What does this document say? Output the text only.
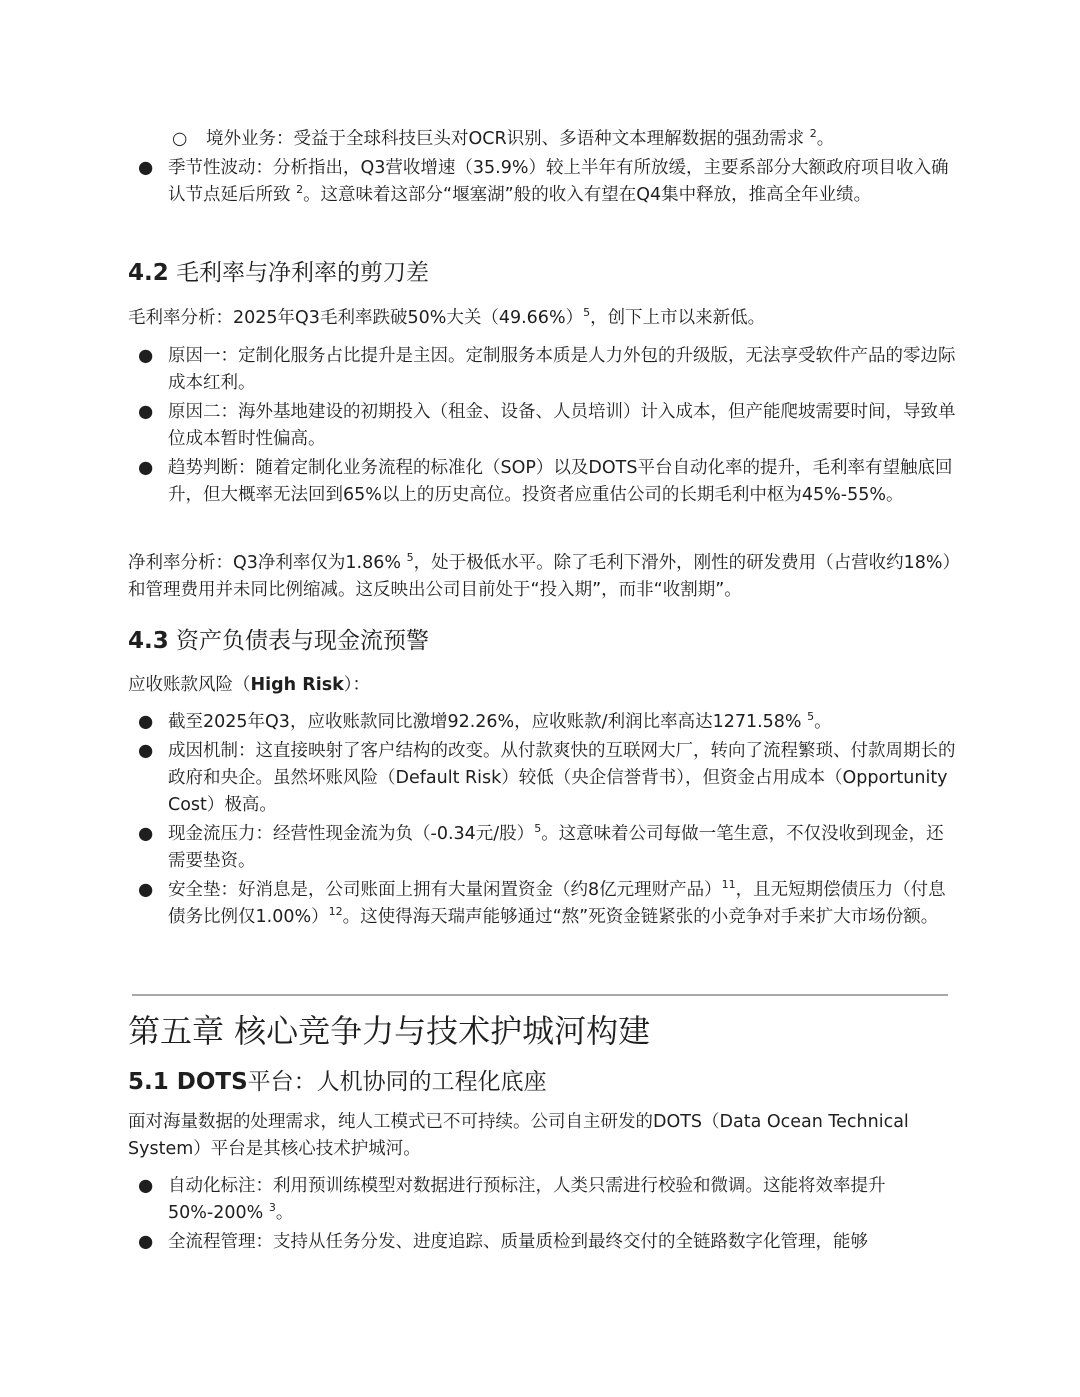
○ 境外业务：受益于全球科技巨头对OCR识别、多语种文本理解数据的强劲需求 $^2$。
● 季节性波动：分析指出，Q3营收增速（35.9%）较上半年有所放缓，主要系部分大额政府项目收入确认节点延后所致 $^2$。这意味着这部分“堰塞湖”般的收入有望在Q4集中释放，推高全年业绩。
4.2 毛利率与净利率的剪刀差

毛利率分析：2025年Q3毛利率跌破50%大关$(49.66\%)^5$，创下上市以来新低。

● 原因一：定制化服务占比提升是主因。定制服务本质是人力外包的升级版，无法享受软件产品的零边际成本红利。
● 原因二：海外基地建设的初期投入（租金、设备、人员培训）计入成本，但产能爬坡需要时间，导致单位成本暂时性偏高。
● 趋势判断：随着定制化业务流程的标准化（SOP）以及DOTS平台自动化率的提升，毛利率有望触底回升，但大概率无法回到65%以上的历史高位。投资者应重估公司的长期毛利中枢为45%-55%。

净利率分析：Q3净利率仅为1.86% $^5$，处于极低水平。除了毛利下滑外，刚性的研发费用（占营收约18%）和管理费用并未同比例缩减。这反映出公司目前处于“投入期”，而非“收割期”。

4.3 资产负债表与现金流预警

应收账款风险（High Risk）：

● 截至2025年Q3，应收账款同比激增92.26%，应收账款/利润比率高达1271.58% $^5$。
● 成因机制：这直接映射了客户结构的改变。从付款爽快的互联网大厂，转向了流程繁琐、付款周期长的政府和央企。虽然坏账风险（Default Risk）较低（央企信誉背书），但资金占用成本（Opportunity Cost）极高。
● 现金流压力：经营性现金流为负（-0.34元/股）$^5$。这意味着公司每做一笔生意，不仅没收到现金，还需要垫资。
● 安全垫：好消息是，公司账面上拥有大量闲置资金（约8亿元理财产品）$^{11}$，且无短期偿债压力（付息债务比例仅1.00%）$^{12}$。这使得海天瑞声能够通过“熬”死资金链紧张的小竞争对手来扩大市场份额。
第五章 核心竞争力与技术护城河构建
5.1 DOTS平台：人机协同的工程化底座

面对海量数据的处理需求，纯人工模式已不可持续。公司自主研发的DOTS（Data Ocean Technical System）平台是其核心技术护城河。

● 自动化标注：利用预训练模型对数据进行预标注，人类只需进行校验和微调。这能将效率提升50%-200% $^3$。
● 全流程管理：支持从任务分发、进度追踪、质量质检到最终交付的全链路数字化管理，能够
